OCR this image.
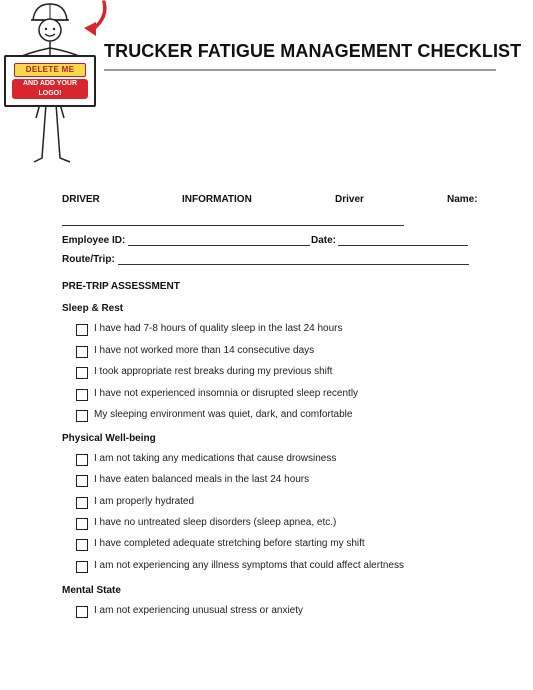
DELETE ME
AND ADD YOUR
LOGO!
TRUCKER FATIGUE MANAGEMENT CHECKLIST
DRIVER	INFORMATION	Driver	Name:
Employee ID:	Date:
Route/Trip:
PRE-TRIP ASSESSMENT
Sleep & Rest
I have had 7-8 hours of quality sleep in the last 24 hours
I have not worked more than 14 consecutive days
I took appropriate rest breaks during my previous shift
I have not experienced insomnia or disrupted sleep recently
My sleeping environment was quiet, dark, and comfortable
Physical Well-being
I am not taking any medications that cause drowsiness
I have eaten balanced meals in the last 24 hours
I am properly hydrated
I have no untreated sleep disorders (sleep apnea, etc.)
I have completed adequate stretching before starting my shift
I am not experiencing any illness symptoms that could affect alertness
Mental State
I am not experiencing unusual stress or anxiety
